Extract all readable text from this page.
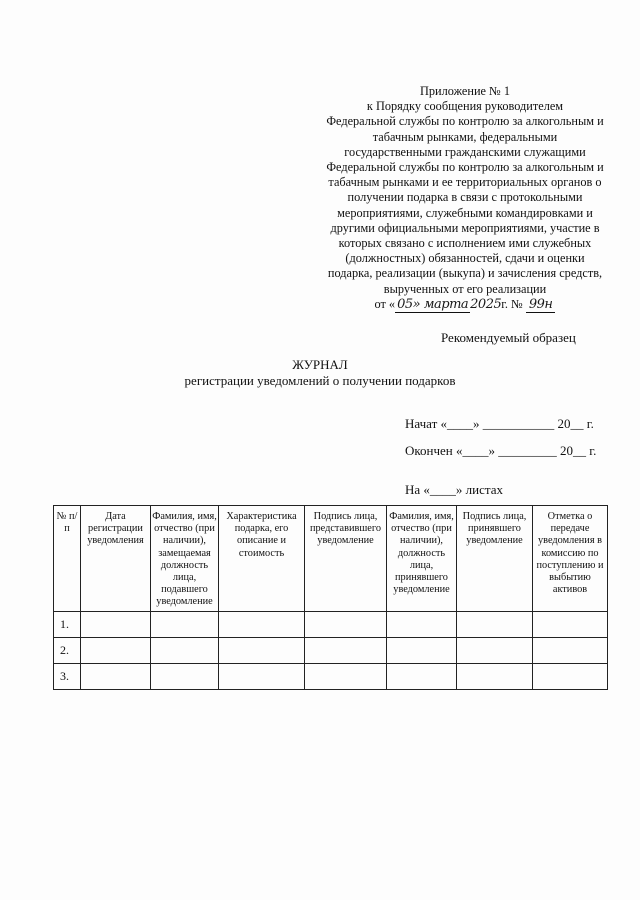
Приложение № 1
к Порядку сообщения руководителем
Федеральной службы по контролю за алкогольным и
табачным рынками, федеральными
государственными гражданскими служащими
Федеральной службы по контролю за алкогольным и
табачным рынками и ее территориальных органов о
получении подарка в связи с протокольными
мероприятиями, служебными командировками и
другими официальными мероприятиями, участие в
которых связано с исполнением ими служебных
(должностных) обязанностей, сдачи и оценки
подарка, реализации (выкупа) и зачисления средств,
вырученных от его реализации
от « 05» марта 2025 г. №
99н
Рекомендуемый образец
ЖУРНАЛ
регистрации уведомлений о получении подарков
Начат «____» ___________ 20__ г.
Окончен «____» _________ 20__ г.
На «____» листах
№ п/п	Дата регистрации уведомления	Фамилия, имя, отчество (при наличии), замещаемая должность лица, подавшего уведомление	Характеристика подарка, его описание и стоимость	Подпись лица, представившего уведомление	Фамилия, имя, отчество (при наличии), должность лица, принявшего уведомление	Подпись лица, принявшего уведомление	Отметка о передаче уведомления в комиссию по поступлению и выбытию активов
1.							
2.							
3.							
